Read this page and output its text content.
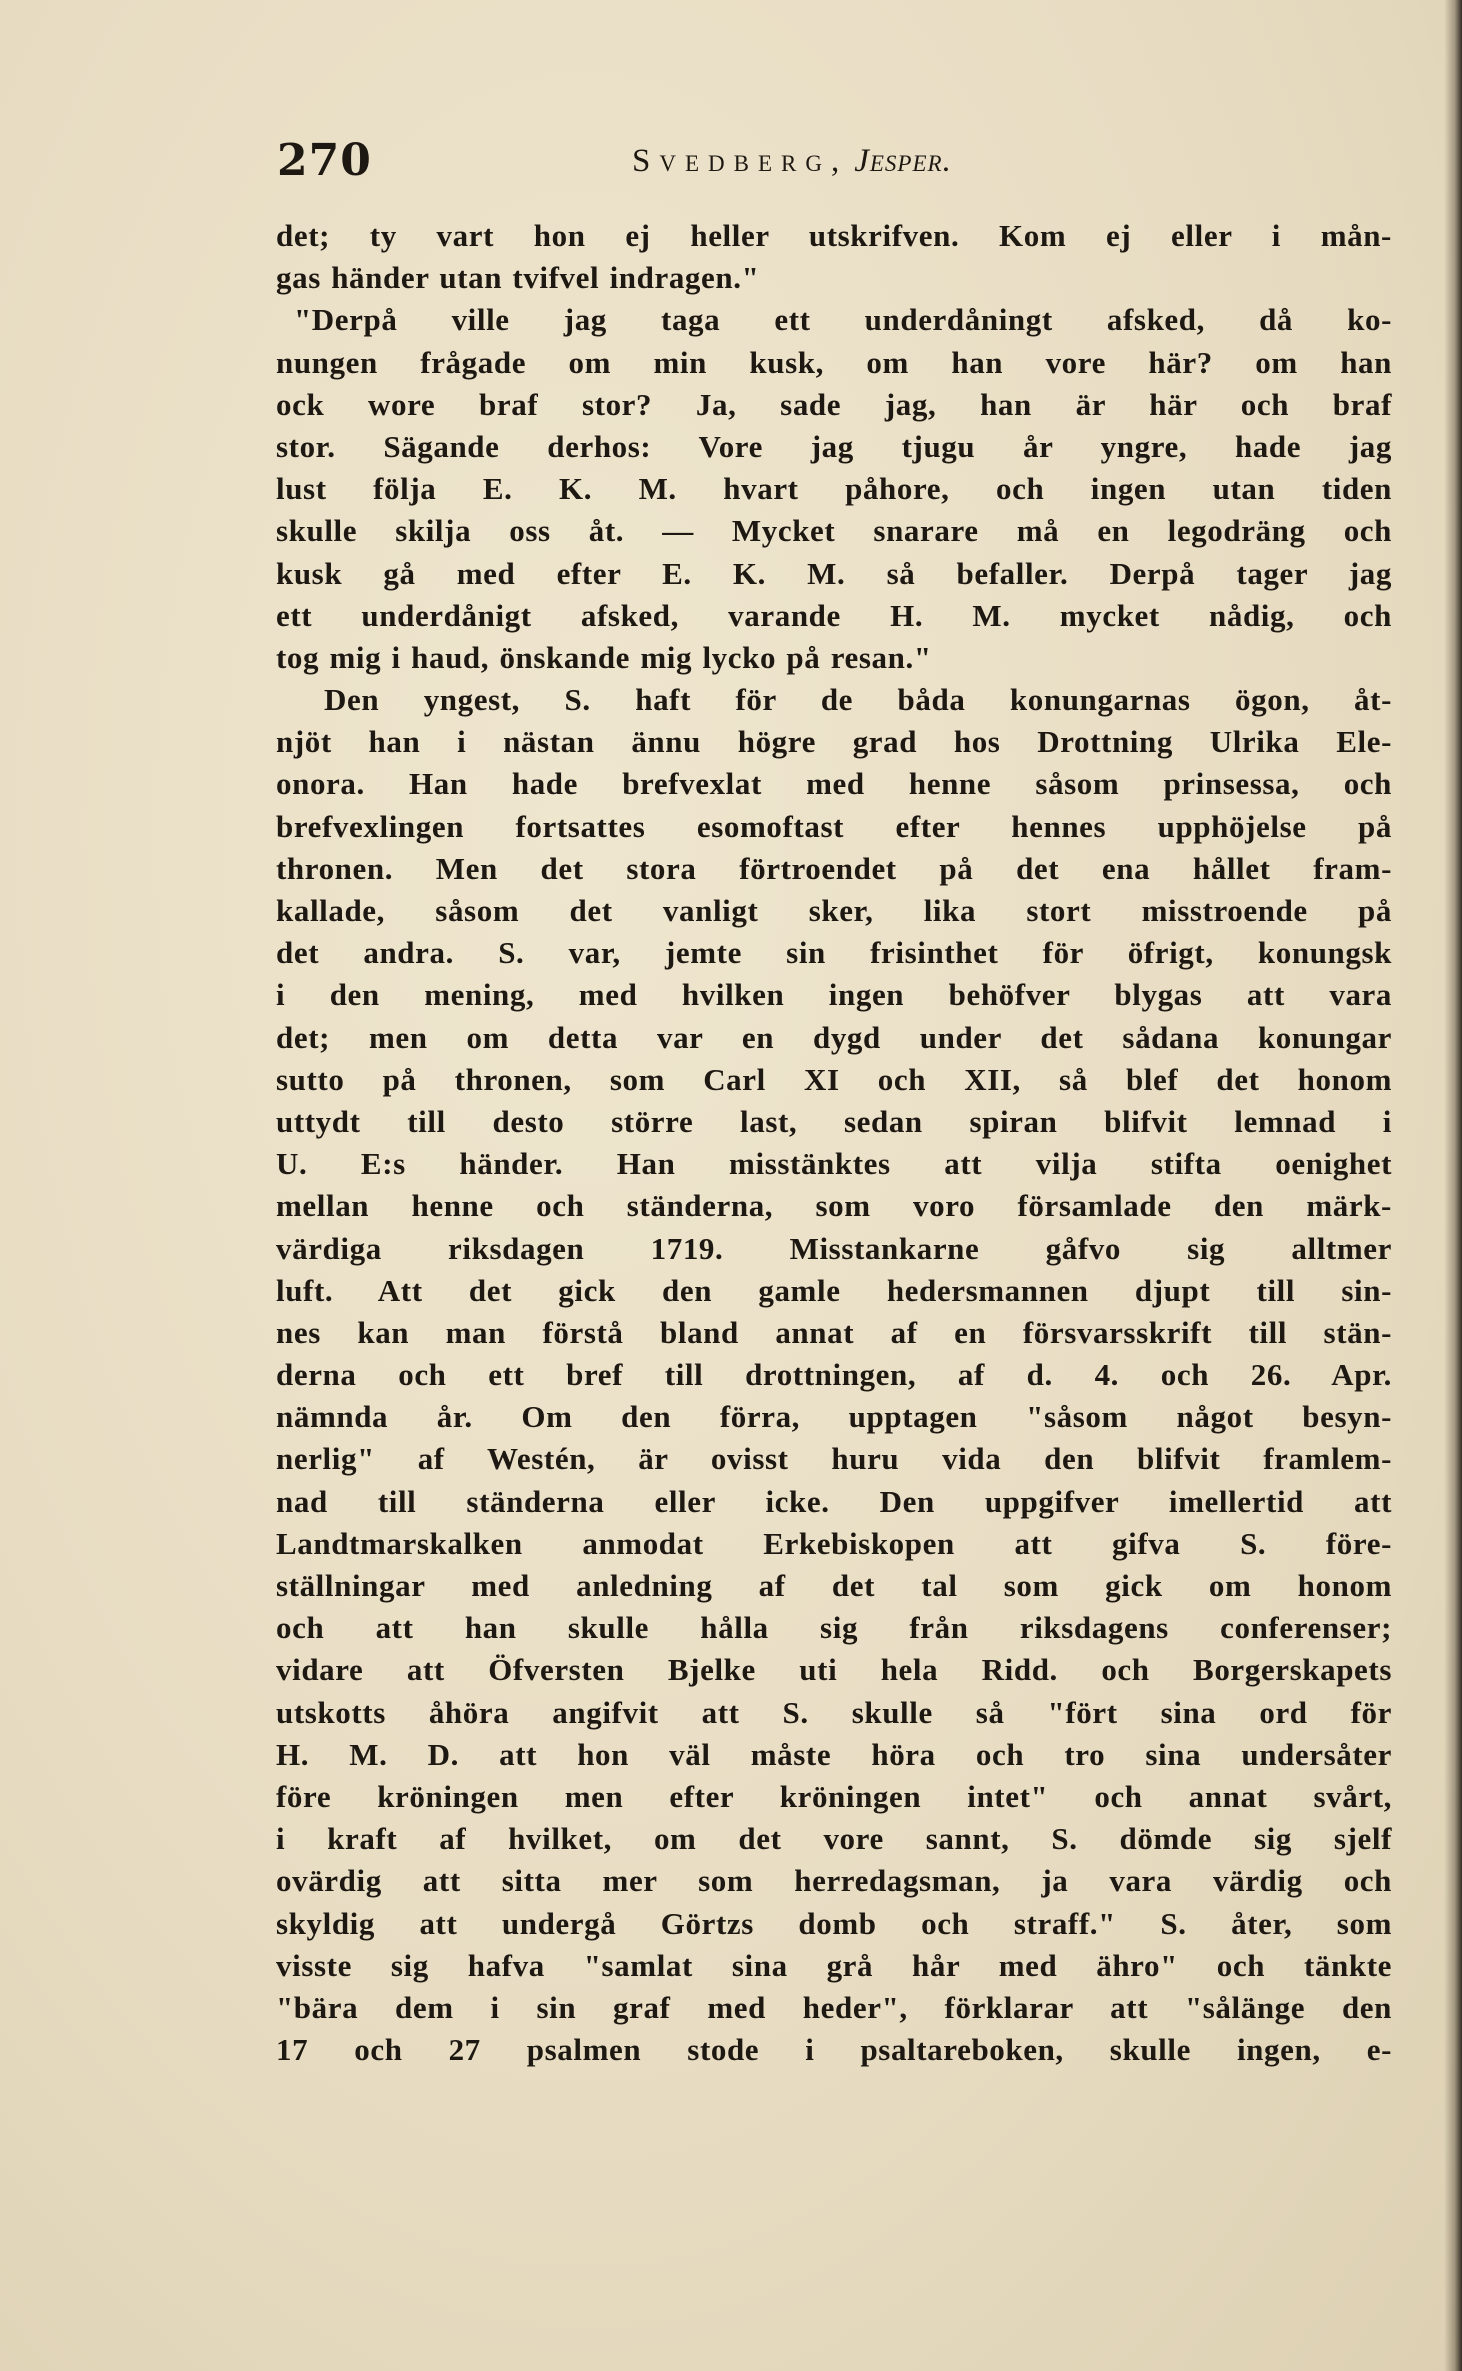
270	Svedberg, Jesper.
det; ty vart hon ej heller utskrifven. Kom ej eller i mån-
gas händer utan tvifvel indragen."
"Derpå ville jag taga ett underdåningt afsked, då ko-
nungen frågade om min kusk, om han vore här? om han
ock wore braf stor? Ja, sade jag, han är här och braf
stor. Sägande derhos: Vore jag tjugu år yngre, hade jag
lust följa E. K. M. hvart påhore, och ingen utan tiden
skulle skilja oss åt. — Mycket snarare må en legodräng och
kusk gå med efter E. K. M. så befaller. Derpå tager jag
ett underdånigt afsked, varande H. M. mycket nådig, och
tog mig i haud, önskande mig lycko på resan."
Den yngest, S. haft för de båda konungarnas ögon, åt-
njöt han i nästan ännu högre grad hos Drottning Ulrika Ele-
onora. Han hade brefvexlat med henne såsom prinsessa, och
brefvexlingen fortsattes esomoftast efter hennes upphöjelse på
thronen. Men det stora förtroendet på det ena hållet fram-
kallade, såsom det vanligt sker, lika stort misstroende på
det andra. S. var, jemte sin frisinthet för öfrigt, konungsk
i den mening, med hvilken ingen behöfver blygas att vara
det; men om detta var en dygd under det sådana konungar
sutto på thronen, som Carl XI och XII, så blef det honom
uttydt till desto större last, sedan spiran blifvit lemnad i
U. E:s händer. Han misstänktes att vilja stifta oenighet
mellan henne och ständerna, som voro församlade den märk-
värdiga riksdagen 1719. Misstankarne gåfvo sig alltmer
luft. Att det gick den gamle hedersmannen djupt till sin-
nes kan man förstå bland annat af en försvarsskrift till stän-
derna och ett bref till drottningen, af d. 4. och 26. Apr.
nämnda år. Om den förra, upptagen "såsom något besyn-
nerlig" af Westén, är ovisst huru vida den blifvit framlem-
nad till ständerna eller icke. Den uppgifver imellertid att
Landtmarskalken anmodat Erkebiskopen att gifva S. före-
ställningar med anledning af det tal som gick om honom
och att han skulle hålla sig från riksdagens conferenser;
vidare att Öfversten Bjelke uti hela Ridd. och Borgerskapets
utskotts åhöra angifvit att S. skulle så "fört sina ord för
H. M. D. att hon väl måste höra och tro sina undersåter
före kröningen men efter kröningen intet" och annat svårt,
i kraft af hvilket, om det vore sannt, S. dömde sig sjelf
ovärdig att sitta mer som herredagsman, ja vara värdig och
skyldig att undergå Görtzs domb och straff." S. åter, som
visste sig hafva "samlat sina grå hår med ähro" och tänkte
"bära dem i sin graf med heder", förklarar att "sålänge den
17 och 27 psalmen stode i psaltareboken, skulle ingen, e-
